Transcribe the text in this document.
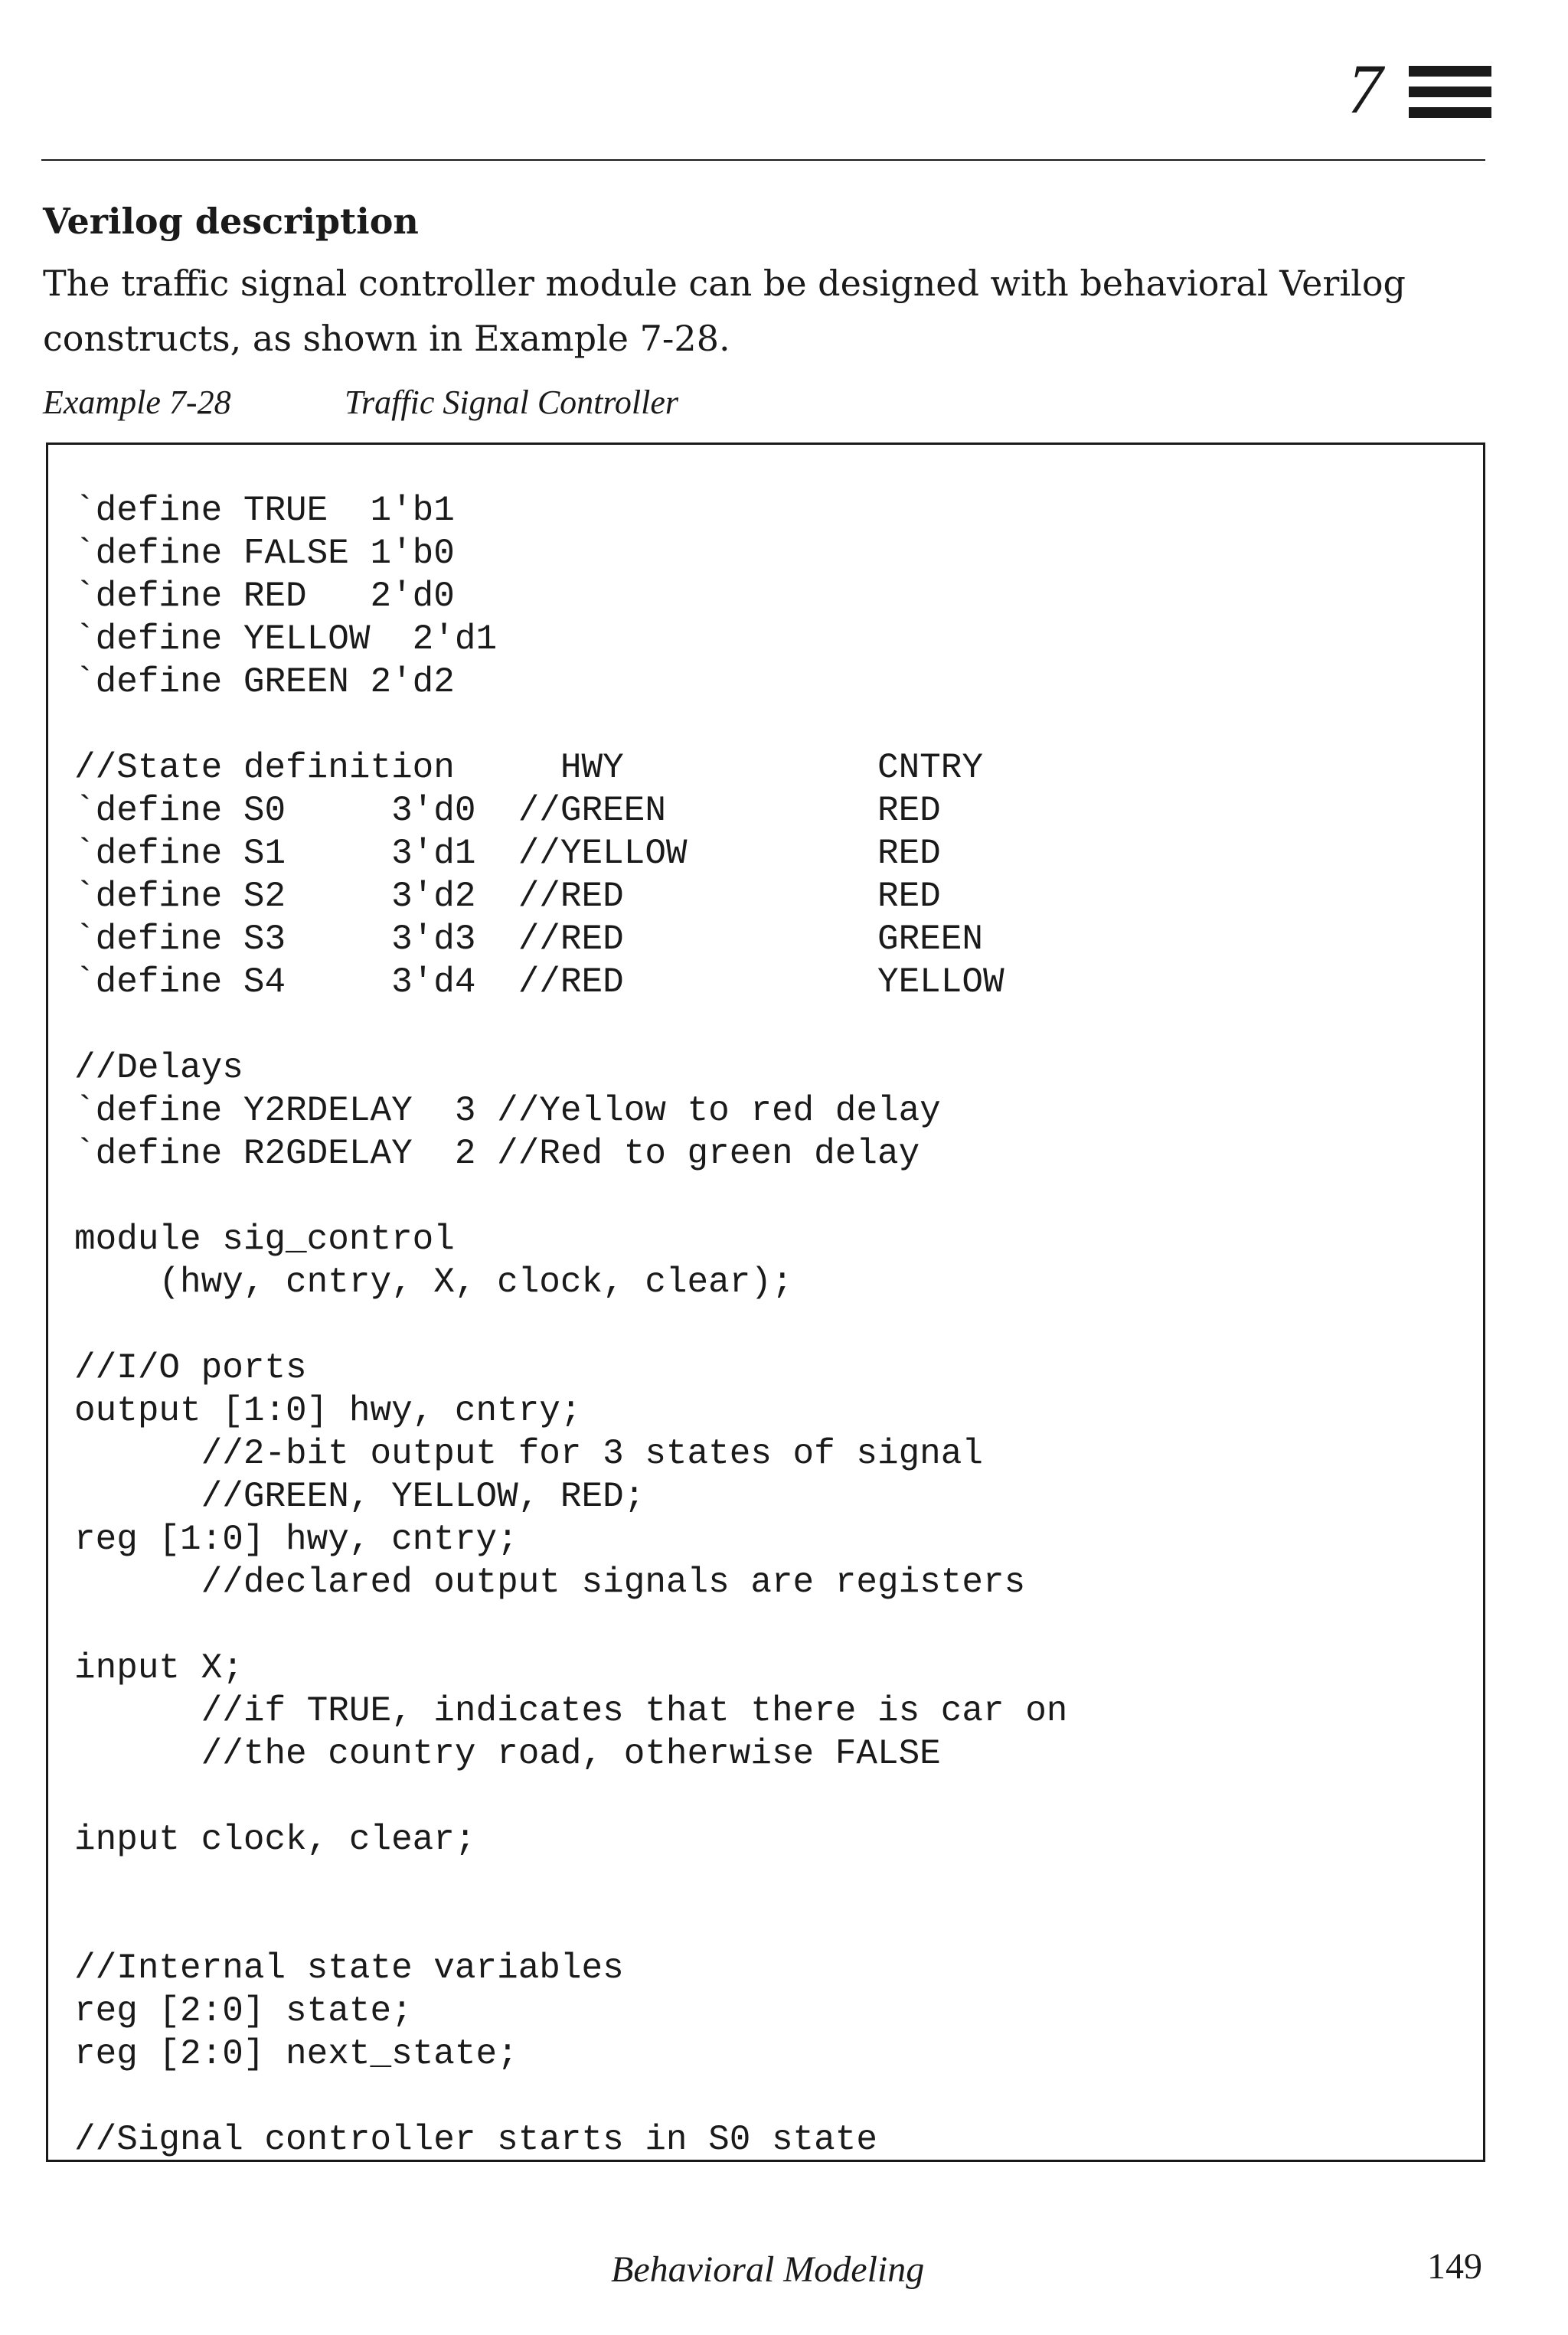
7
Verilog description
The traffic signal controller module can be designed with behavioral Verilog constructs, as shown in Example 7-28.
Example 7-28	Traffic Signal Controller
`define TRUE  1'b1
`define FALSE 1'b0
`define RED   2'd0
`define YELLOW  2'd1
`define GREEN 2'd2

//State definition     HWY            CNTRY
`define S0     3'd0  //GREEN          RED
`define S1     3'd1  //YELLOW         RED
`define S2     3'd2  //RED            RED
`define S3     3'd3  //RED            GREEN
`define S4     3'd4  //RED            YELLOW

//Delays
`define Y2RDELAY  3 //Yellow to red delay
`define R2GDELAY  2 //Red to green delay

module sig_control
(hwy, cntry, X, clock, clear);

//I/O ports
output [1:0] hwy, cntry;
//2-bit output for 3 states of signal
//GREEN, YELLOW, RED;
reg [1:0] hwy, cntry;
//declared output signals are registers

input X;
//if TRUE, indicates that there is car on
//the country road, otherwise FALSE

input clock, clear;

//Internal state variables
reg [2:0] state;
reg [2:0] next_state;

//Signal controller starts in S0 state
Behavioral Modeling	149
